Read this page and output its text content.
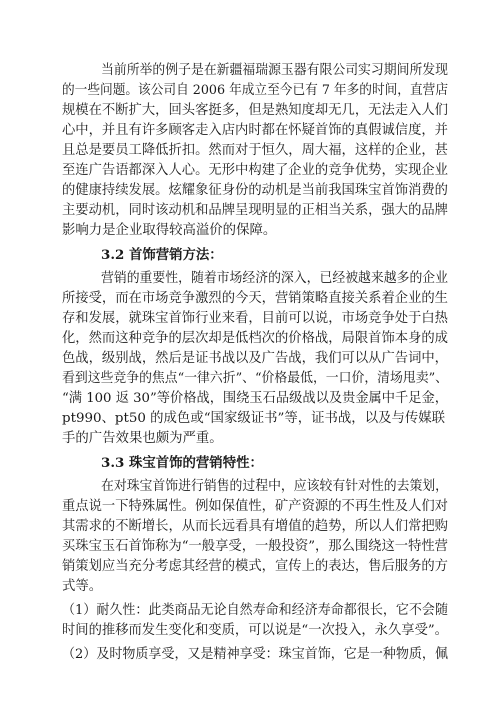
当前所举的例子是在新疆福瑞源玉器有限公司实习期间所发现
的一些问题。该公司自 2006 年成立至今已有 7 年多的时间，直营店
规模在不断扩大，回头客挺多，但是熟知度却无几，无法走入人们
心中，并且有许多顾客走入店内时都在怀疑首饰的真假诚信度，并
且总是要员工降低折扣。然而对于恒久，周大福，这样的企业，甚
至连广告语都深入人心。无形中构建了企业的竞争优势，实现企业
的健康持续发展。炫耀象征身份的动机是当前我国珠宝首饰消费的
主要动机，同时该动机和品牌呈现明显的正相当关系，强大的品牌
影响力是企业取得较高溢价的保障。
3.2 首饰营销方法：
营销的重要性，随着市场经济的深入，已经被越来越多的企业
所接受，而在市场竞争激烈的今天，营销策略直接关系着企业的生
存和发展，就珠宝首饰行业来看，目前可以说，市场竞争处于白热
化，然而这种竞争的层次却是低档次的价格战，局限首饰本身的成
色战，级别战，然后是证书战以及广告战，我们可以从广告词中，
看到这些竞争的焦点“一律六折”、“价格最低，一口价，清场甩卖”、
“满 100 返 30”等价格战，围绕玉石品级战以及贵金属中千足金，
pt990、pt50 的成色或“国家级证书”等，证书战，以及与传媒联
手的广告效果也颇为严重。
3.3 珠宝首饰的营销特性：
在对珠宝首饰进行销售的过程中，应该较有针对性的去策划，
重点说一下特殊属性。例如保值性，矿产资源的不再生性及人们对
其需求的不断增长，从而长远看具有增值的趋势，所以人们常把购
买珠宝玉石首饰称为“一般享受，一般投资”，那么围绕这一特性营
销策划应当充分考虑其经营的模式，宣传上的表达，售后服务的方
式等。
（1）耐久性：此类商品无论自然寿命和经济寿命都很长，它不会随
时间的推移而发生变化和变质，可以说是“一次投入，永久享受”。
（2）及时物质享受，又是精神享受：珠宝首饰，它是一种物质，佩
